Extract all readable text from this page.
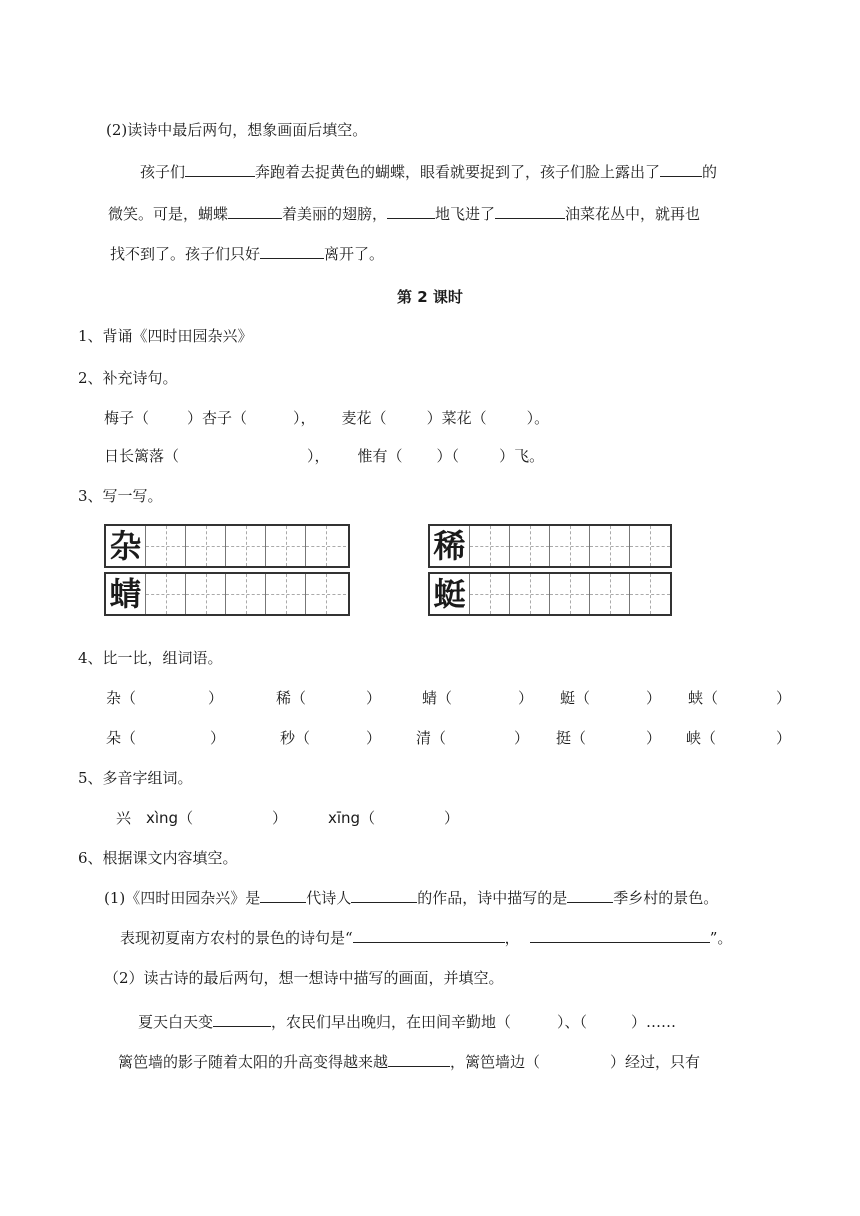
(2)读诗中最后两句，想象画面后填空。
孩子们	奔跑着去捉黄色的蝴蝶，眼看就要捉到了，孩子们脸上露出了	的
微笑。可是，蝴蝶	着美丽的翅膀，	地飞进了	油菜花丛中，就再也
找不到了。孩子们只好	离开了。
第 2 课时
1、背诵《四时田园杂兴》
2、补充诗句。
梅子（	）杏子（	）， 麦花（	）菜花（	）。
日长篱落（	）， 惟有（ ）（	）飞。
3、写一写。
杂	稀
蜻	蜓
4、比一比，组词语。
杂（	）	稀（	）	蜻（	） 蜓（	） 蛱（	）
朵（	）	秒（	） 清（	） 挺（	） 峡（	）
5、多音字组词。
兴 xìng（	）	xīng（	）
6、根据课文内容填空。
(1)《四时田园杂兴》是	代诗人	的作品，诗中描写的是	季乡村的景色。
表现初夏南方农村的景色的诗句是“	，	”。
（2）读古诗的最后两句，想一想诗中描写的画面，并填空。
夏天白天变	，农民们早出晚归，在田间辛勤地（	）、（	）……
篱笆墙的影子随着太阳的升高变得越来越	，篱笆墙边（	）经过，只有
